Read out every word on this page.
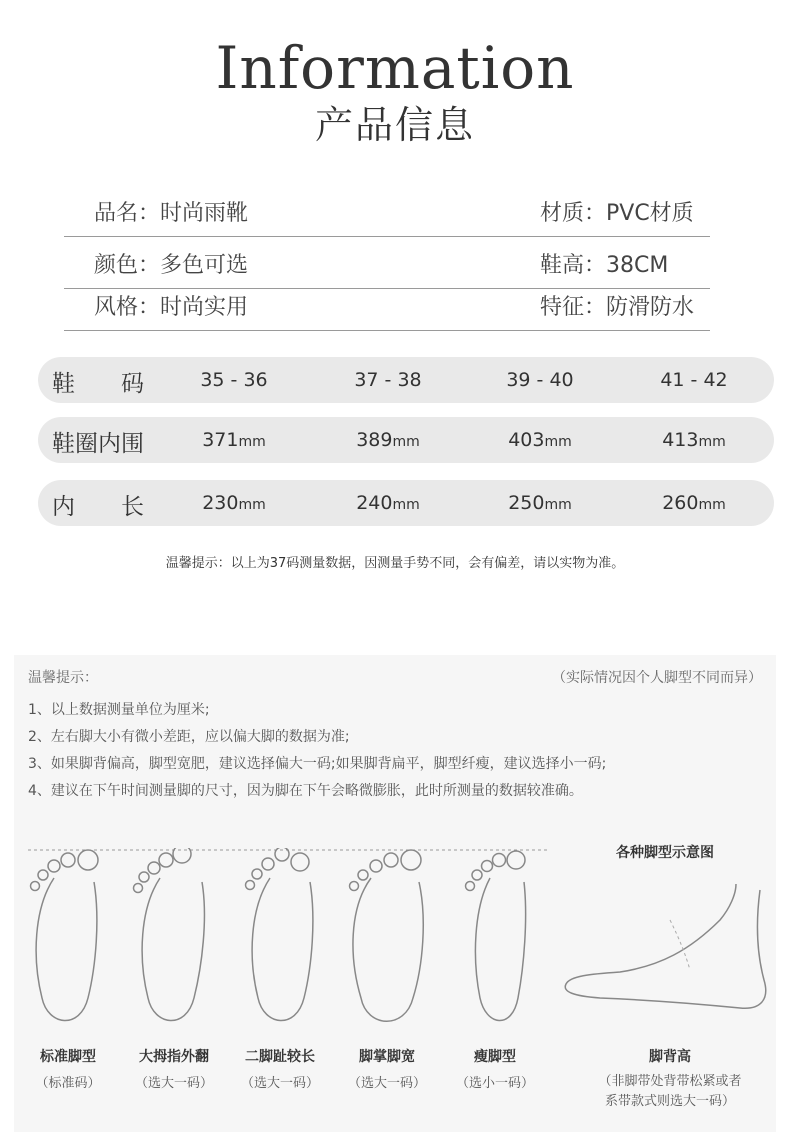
Information
产品信息
品名：时尚雨靴	材质：PVC材质
颜色：多色可选	鞋高：38CM
风格：时尚实用	特征：防滑防水
鞋　　码	35 - 36	37 - 38	39 - 40	41 - 42
鞋圈内围	371mm	389mm	403mm	413mm
内　　长	230mm	240mm	250mm	260mm
温馨提示：以上为37码测量数据，因测量手势不同，会有偏差，请以实物为准。
温馨提示：	（实际情况因个人脚型不同而异）
1、以上数据测量单位为厘米;
2、左右脚大小有微小差距，应以偏大脚的数据为准;
3、如果脚背偏高，脚型宽肥，建议选择偏大一码;如果脚背扁平，脚型纤瘦，建议选择小一码;
4、建议在下午时间测量脚的尺寸，因为脚在下午会略微膨胀，此时所测量的数据较准确。
标准脚型
（标准码）
大拇指外翻
（选大一码）
二脚趾较长
（选大一码）
脚掌脚宽
（选大一码）
瘦脚型
（选小一码）
各种脚型示意图
脚背高
（非脚带处背带松紧或者
系带款式则选大一码）
